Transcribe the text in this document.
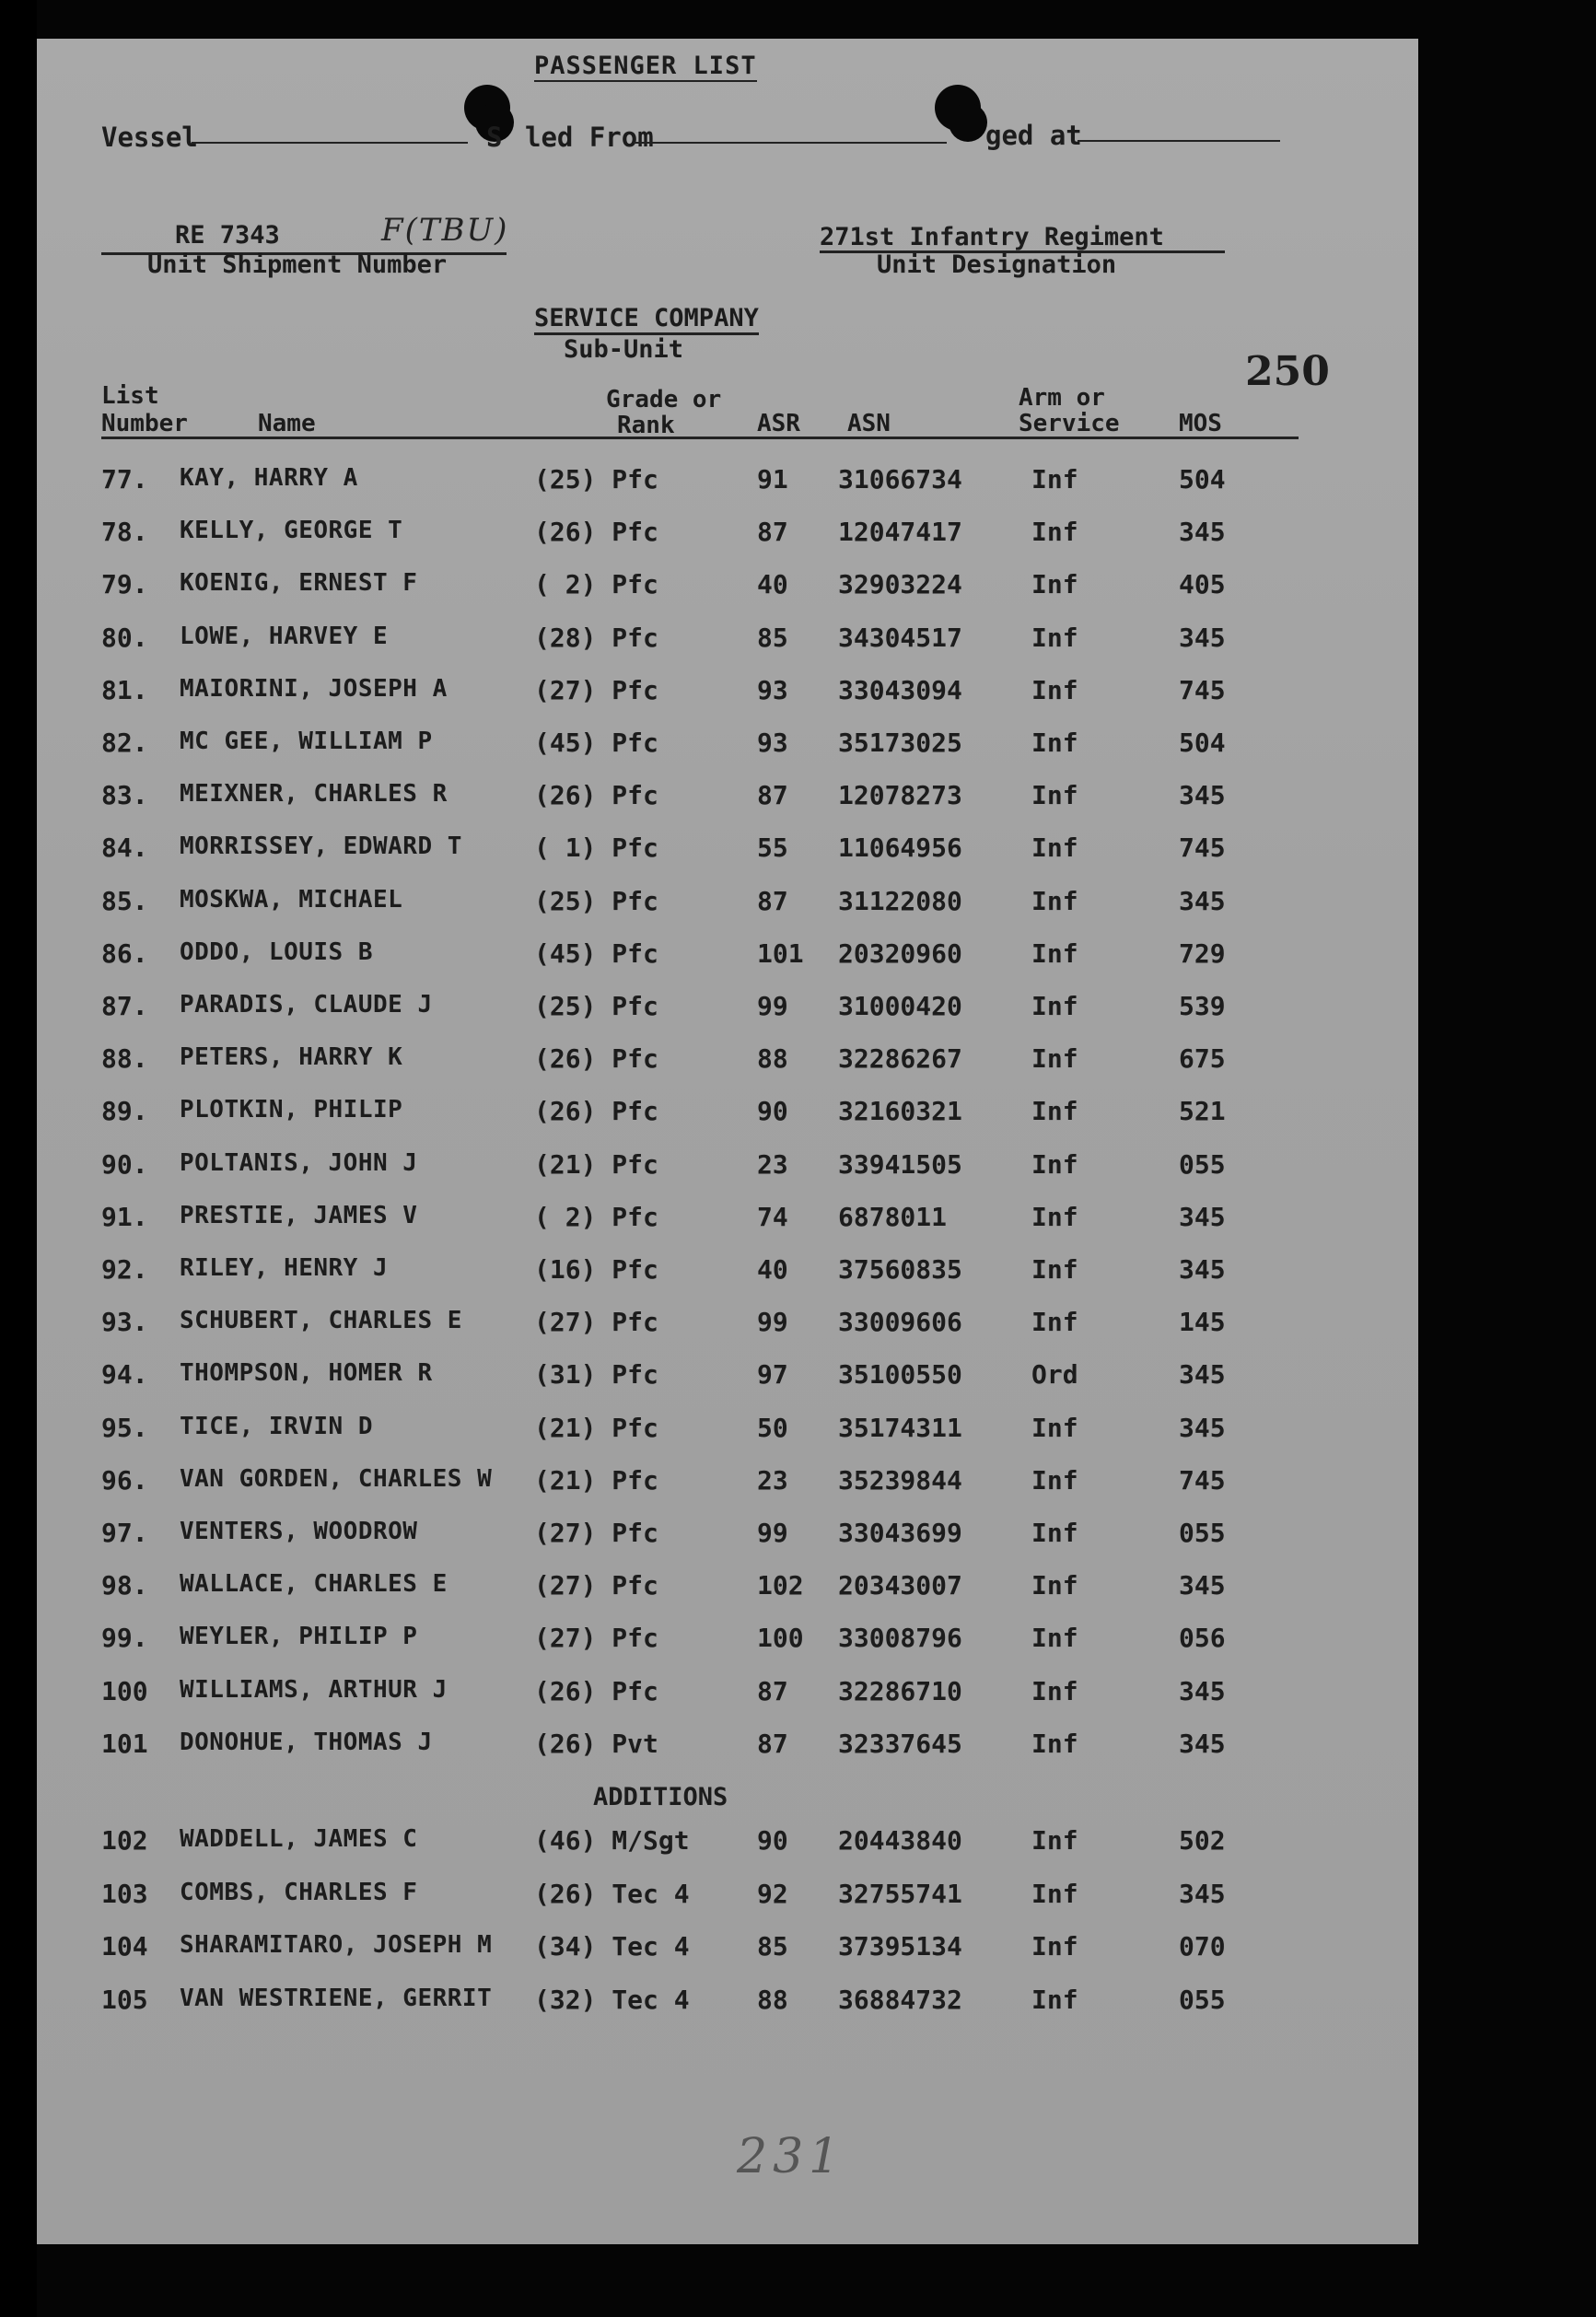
PASSENGER LIST
Vessel	S led From	ged at
RE 7343	F(TBU)
Unit Shipment Number
271st Infantry Regiment
Unit Designation
SERVICE COMPANY
Sub-Unit	250
List
Number	Name
Grade or
Rank	ASR ASN
Arm or
Service MOS
77. KAY, HARRY A	(25) Pfc	91 31066734	Inf	504
78. KELLY, GEORGE T	(26) Pfc	87 12047417	Inf	345
79. KOENIG, ERNEST F	( 2) Pfc	40 32903224	Inf	405
80. LOWE, HARVEY E	(28) Pfc	85 34304517	Inf	345
81. MAIORINI, JOSEPH A	(27) Pfc	93 33043094	Inf	745
82. MC GEE, WILLIAM P	(45) Pfc	93 35173025	Inf	504
83. MEIXNER, CHARLES R	(26) Pfc	87 12078273	Inf	345
84. MORRISSEY, EDWARD T	( 1) Pfc	55 11064956	Inf	745
85. MOSKWA, MICHAEL	(25) Pfc	87 31122080	Inf	345
86. ODDO, LOUIS B	(45) Pfc	101 20320960	Inf	729
87. PARADIS, CLAUDE J	(25) Pfc	99 31000420	Inf	539
88. PETERS, HARRY K	(26) Pfc	88 32286267	Inf	675
89. PLOTKIN, PHILIP	(26) Pfc	90 32160321	Inf	521
90. POLTANIS, JOHN J	(21) Pfc	23 33941505	Inf	055
91. PRESTIE, JAMES V	( 2) Pfc	74 6878011	Inf	345
92. RILEY, HENRY J	(16) Pfc	40 37560835	Inf	345
93. SCHUBERT, CHARLES E	(27) Pfc	99 33009606	Inf	145
94. THOMPSON, HOMER R	(31) Pfc	97 35100550	Ord	345
95. TICE, IRVIN D	(21) Pfc	50 35174311	Inf	345
96. VAN GORDEN, CHARLES W (21) Pfc	23 35239844	Inf	745
97. VENTERS, WOODROW	(27) Pfc	99 33043699	Inf	055
98. WALLACE, CHARLES E	(27) Pfc	102 20343007	Inf	345
99. WEYLER, PHILIP P	(27) Pfc	100 33008796	Inf	056
100 WILLIAMS, ARTHUR J	(26) Pfc	87 32286710	Inf	345
101 DONOHUE, THOMAS J	(26) Pvt	87 32337645	Inf	345
ADDITIONS
102 WADDELL, JAMES C	(46) M/Sgt	90 20443840	Inf	502
103 COMBS, CHARLES F	(26) Tec 4	92 32755741	Inf	345
104 SHARAMITARO, JOSEPH M (34) Tec 4	85 37395134	Inf	070
105 VAN WESTRIENE, GERRIT (32) Tec 4	88 36884732	Inf	055
231
